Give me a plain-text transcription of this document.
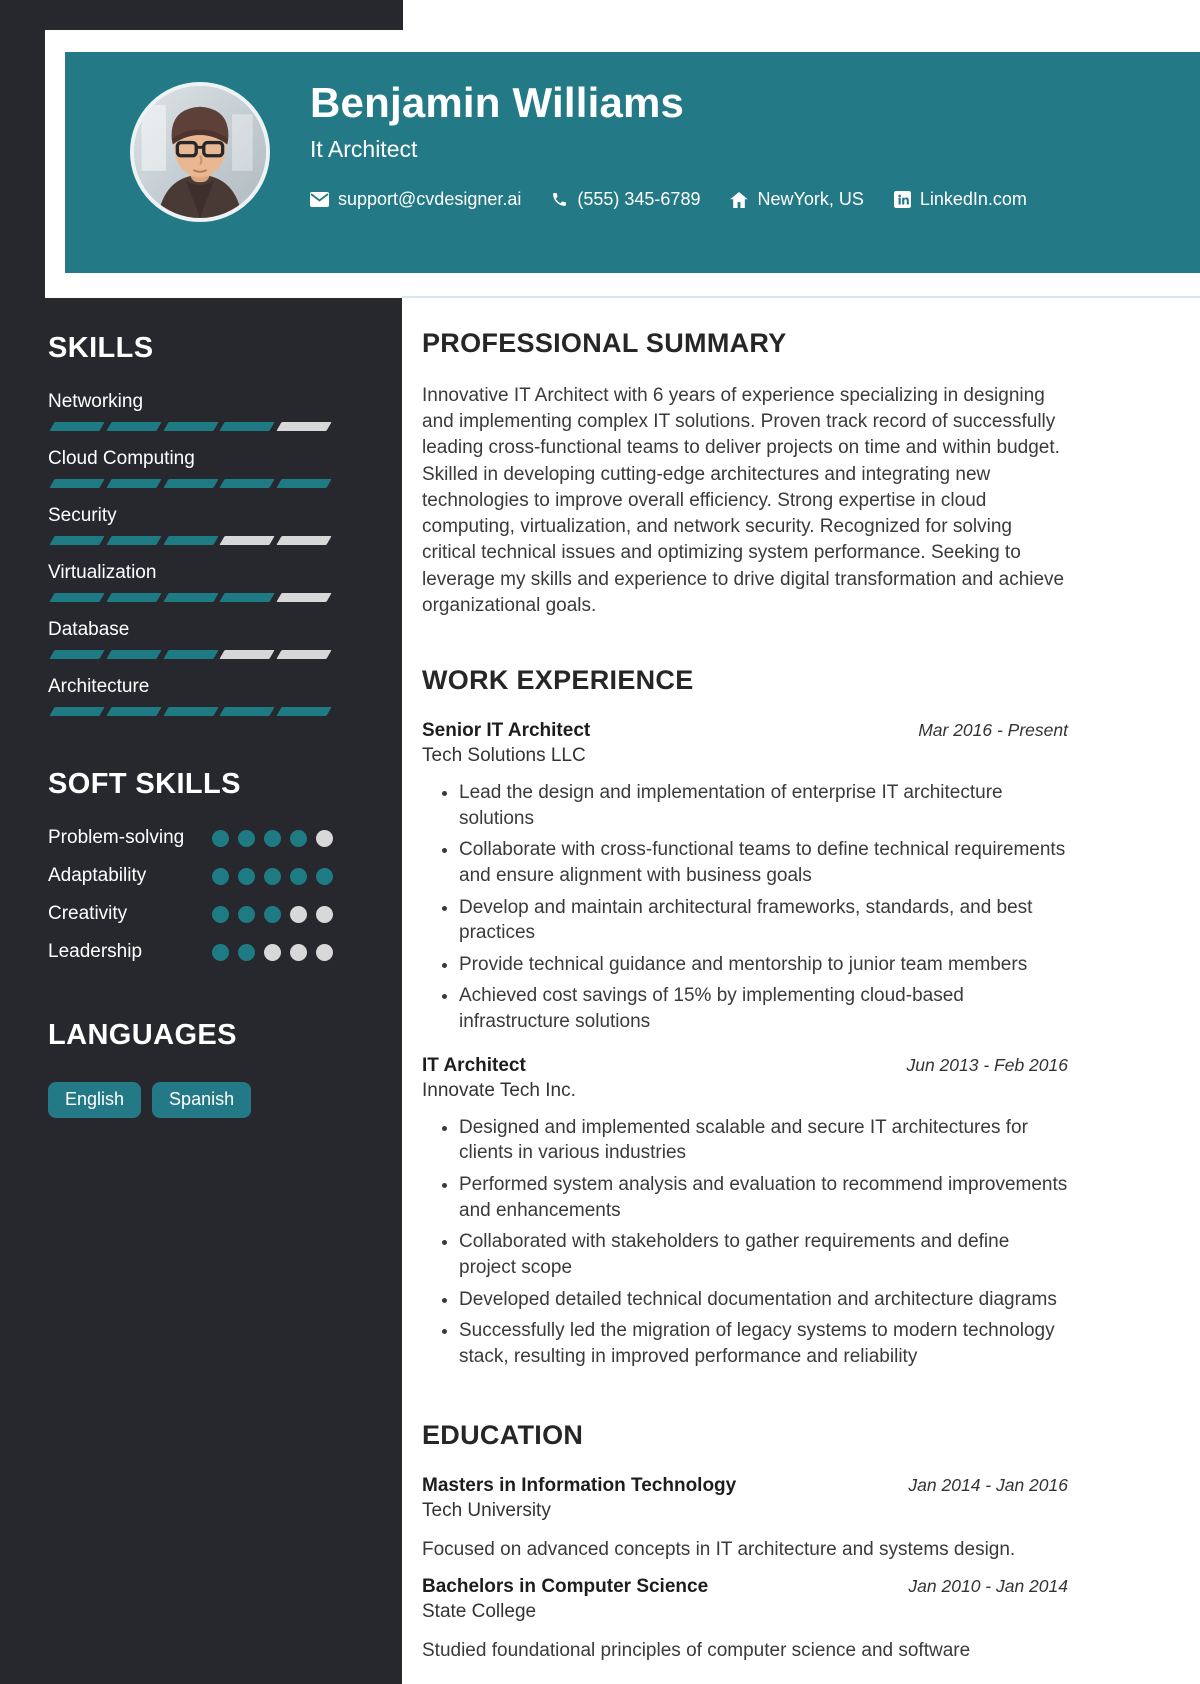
Benjamin Williams
It Architect
support@cvdesigner.ai	(555) 345-6789	NewYork, US	LinkedIn.com
SKILLS
Networking
Cloud Computing
Security
Virtualization
Database
Architecture
SOFT SKILLS
Problem-solving
Adaptability
Creativity
Leadership
LANGUAGES
English	Spanish
PROFESSIONAL SUMMARY

Innovative IT Architect with 6 years of experience specializing in designing and implementing complex IT solutions. Proven track record of successfully leading cross-functional teams to deliver projects on time and within budget. Skilled in developing cutting-edge architectures and integrating new technologies to improve overall efficiency. Strong expertise in cloud computing, virtualization, and network security. Recognized for solving critical technical issues and optimizing system performance. Seeking to leverage my skills and experience to drive digital transformation and achieve organizational goals.

WORK EXPERIENCE
Senior IT Architect	Mar 2016 - Present
Tech Solutions LLC
• Lead the design and implementation of enterprise IT architecture solutions
• Collaborate with cross-functional teams to define technical requirements and ensure alignment with business goals
• Develop and maintain architectural frameworks, standards, and best practices
• Provide technical guidance and mentorship to junior team members
• Achieved cost savings of 15% by implementing cloud-based infrastructure solutions
IT Architect	Jun 2013 - Feb 2016
Innovate Tech Inc.
• Designed and implemented scalable and secure IT architectures for clients in various industries
• Performed system analysis and evaluation to recommend improvements and enhancements
• Collaborated with stakeholders to gather requirements and define project scope
• Developed detailed technical documentation and architecture diagrams
• Successfully led the migration of legacy systems to modern technology stack, resulting in improved performance and reliability
EDUCATION
Masters in Information Technology	Jan 2014 - Jan 2016
Tech University
Focused on advanced concepts in IT architecture and systems design.
Bachelors in Computer Science	Jan 2010 - Jan 2014
State College
Studied foundational principles of computer science and software
